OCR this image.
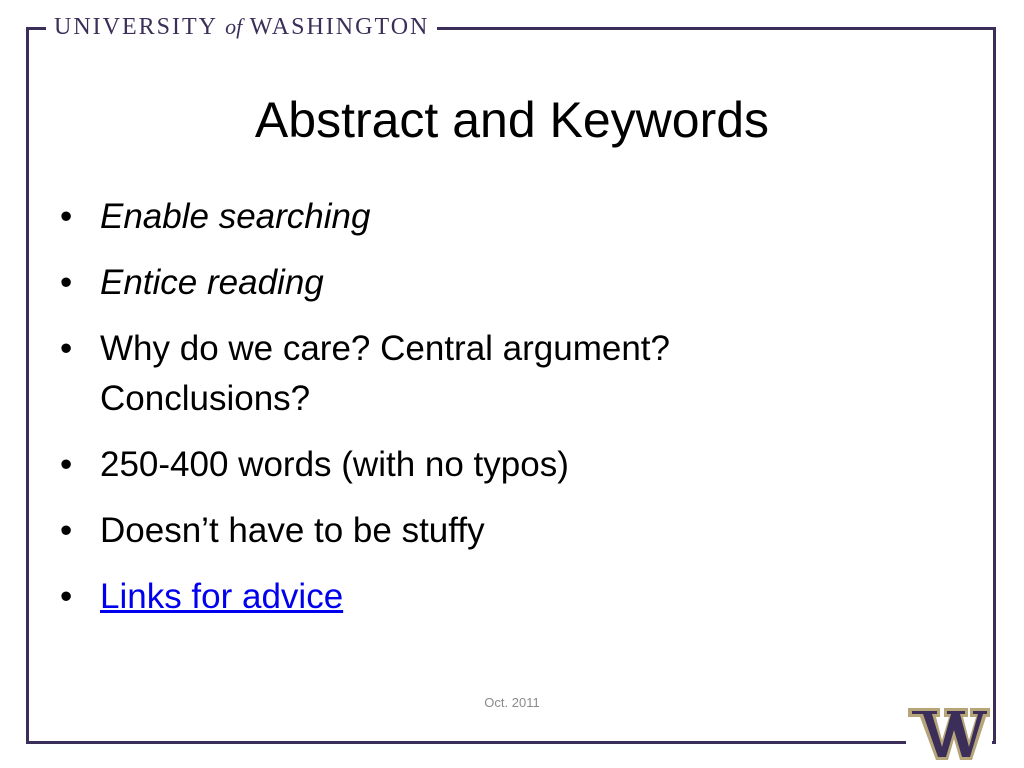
UNIVERSITY of WASHINGTON
Abstract and Keywords
• Enable searching
• Entice reading
• Why do we care? Central argument? Conclusions?
• 250-400 words (with no typos)
• Doesn’t have to be stuffy
• Links for advice
Oct. 2011
